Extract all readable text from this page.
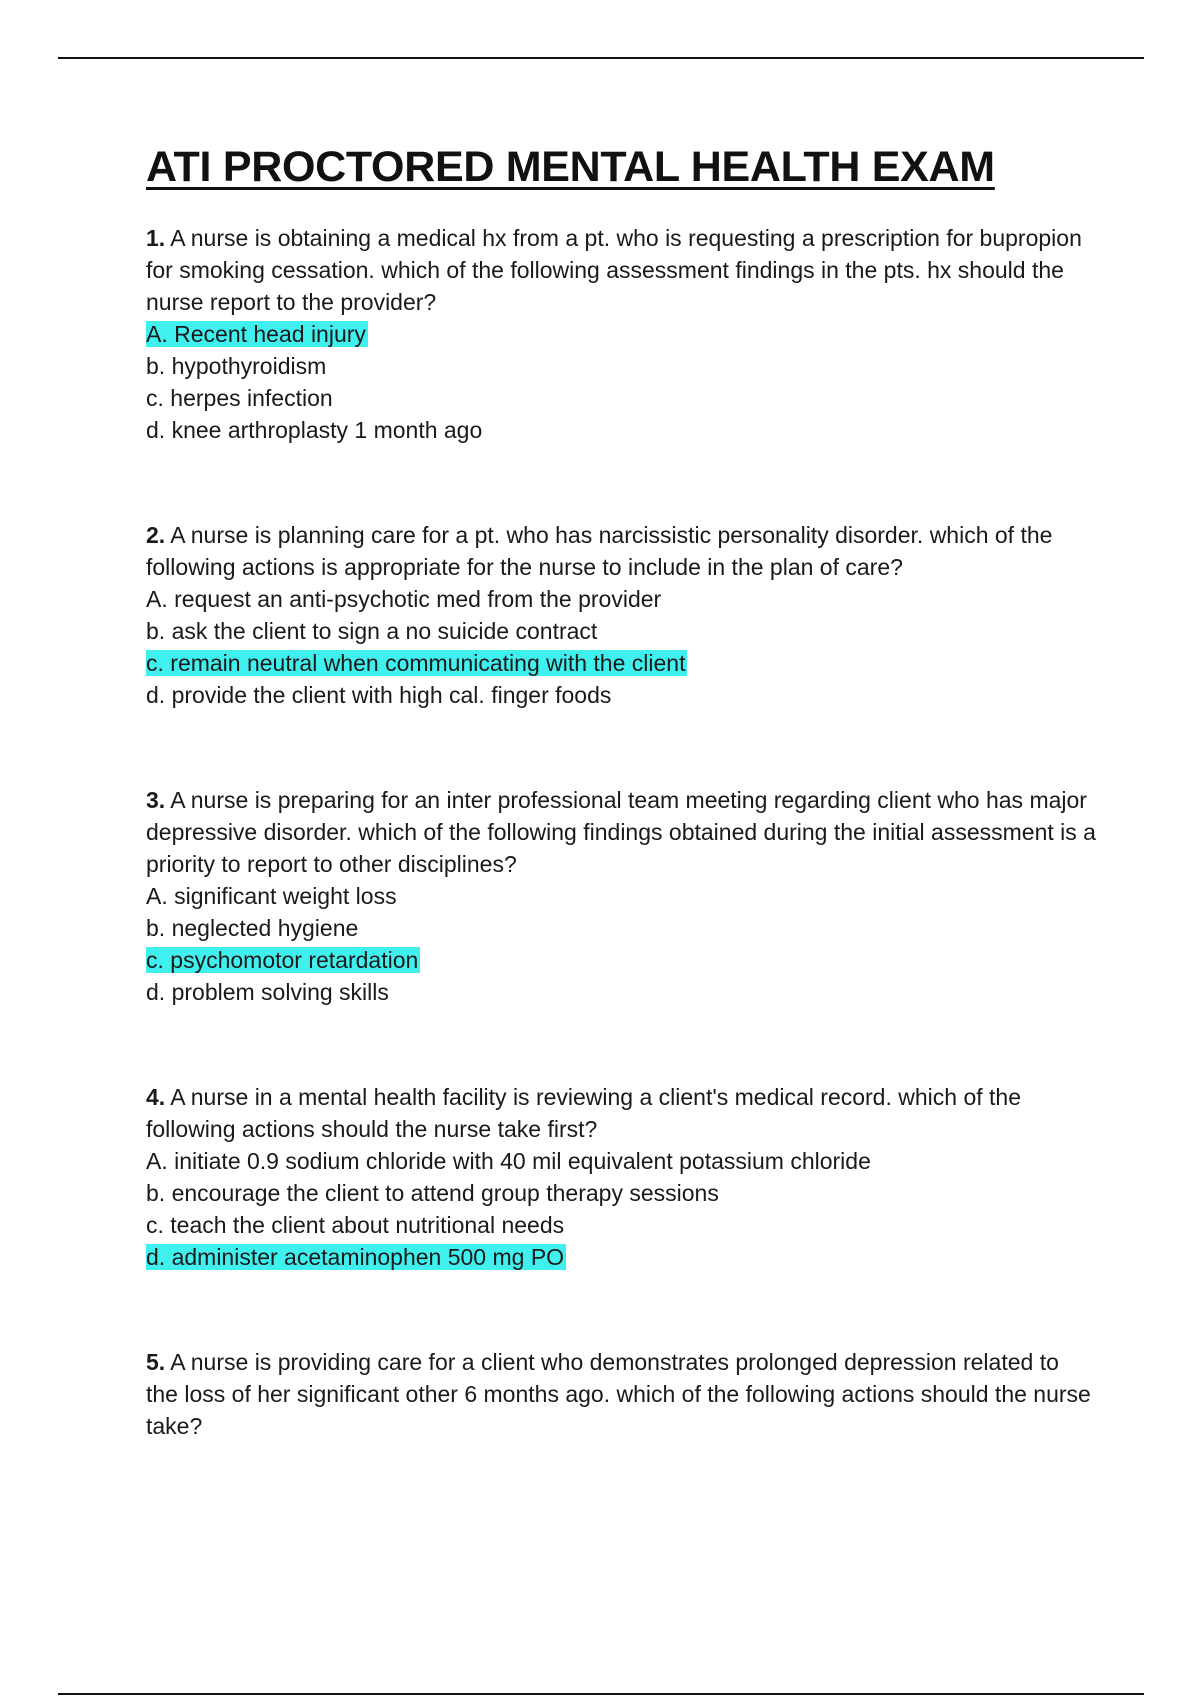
ATI PROCTORED MENTAL HEALTH EXAM

1. A nurse is obtaining a medical hx from a pt. who is requesting a prescription for bupropion for smoking cessation. which of the following assessment findings in the pts. hx should the nurse report to the provider?

A. Recent head injury
b. hypothyroidism
c. herpes infection
d. knee arthroplasty 1 month ago

2. A nurse is planning care for a pt. who has narcissistic personality disorder. which of the following actions is appropriate for the nurse to include in the plan of care?

A. request an anti-psychotic med from the provider
b. ask the client to sign a no suicide contract
c. remain neutral when communicating with the client
d. provide the client with high cal. finger foods

3. A nurse is preparing for an inter professional team meeting regarding client who has major depressive disorder. which of the following findings obtained during the initial assessment is a priority to report to other disciplines?

A. significant weight loss
b. neglected hygiene
c. psychomotor retardation
d. problem solving skills

4. A nurse in a mental health facility is reviewing a client's medical record. which of the following actions should the nurse take first?

A. initiate 0.9 sodium chloride with 40 mil equivalent potassium chloride
b. encourage the client to attend group therapy sessions
c. teach the client about nutritional needs
d. administer acetaminophen 500 mg PO

5. A nurse is providing care for a client who demonstrates prolonged depression related to the loss of her significant other 6 months ago. which of the following actions should the nurse take?
